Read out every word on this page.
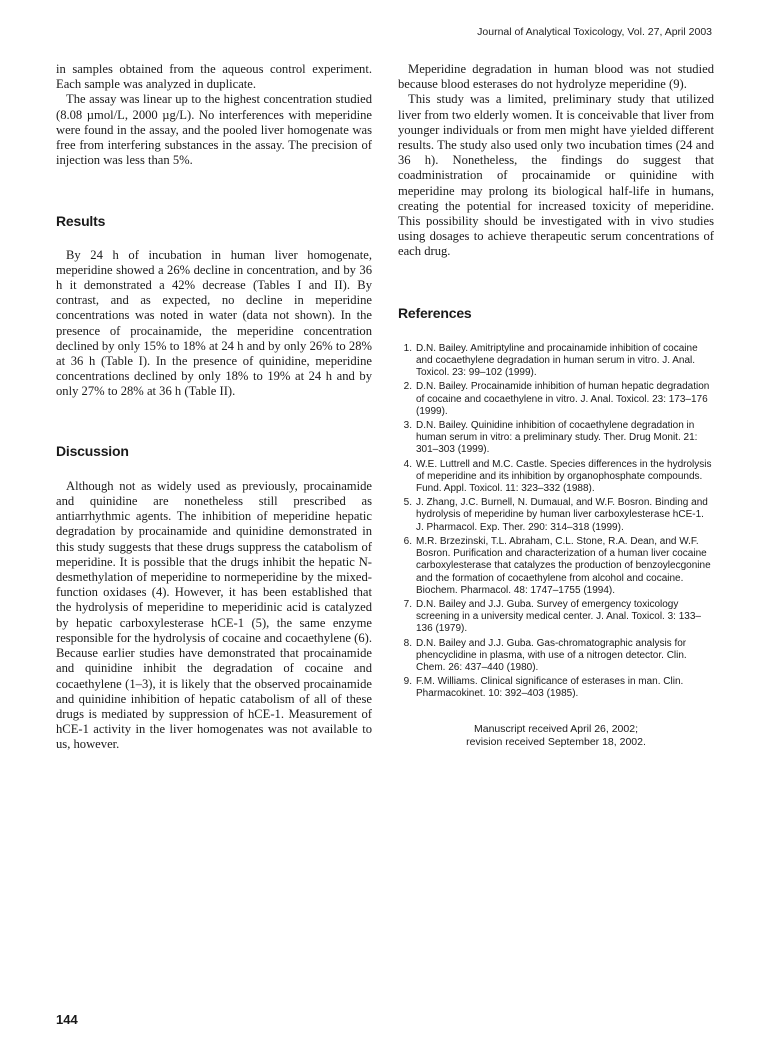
Journal of Analytical Toxicology, Vol. 27, April 2003

in samples obtained from the aqueous control experiment. Each sample was analyzed in duplicate.

The assay was linear up to the highest concentration studied (8.08 µmol/L, 2000 µg/L). No interferences with meperidine were found in the assay, and the pooled liver homogenate was free from interfering substances in the assay. The precision of injection was less than 5%.

Results

By 24 h of incubation in human liver homogenate, meperidine showed a 26% decline in concentration, and by 36 h it demonstrated a 42% decrease (Tables I and II). By contrast, and as expected, no decline in meperidine concentrations was noted in water (data not shown). In the presence of procainamide, the meperidine concentration declined by only 15% to 18% at 24 h and by only 26% to 28% at 36 h (Table I). In the presence of quinidine, meperidine concentrations declined by only 18% to 19% at 24 h and by only 27% to 28% at 36 h (Table II).

Discussion

Although not as widely used as previously, procainamide and quinidine are nonetheless still prescribed as antiarrhythmic agents. The inhibition of meperidine hepatic degradation by procainamide and quinidine demonstrated in this study suggests that these drugs suppress the catabolism of meperidine. It is possible that the drugs inhibit the hepatic N-desmethylation of meperidine to normeperidine by the mixed-function oxidases (4). However, it has been established that the hydrolysis of meperidine to meperidinic acid is catalyzed by hepatic carboxylesterase hCE-1 (5), the same enzyme responsible for the hydrolysis of cocaine and cocaethylene (6). Because earlier studies have demonstrated that procainamide and quinidine inhibit the degradation of cocaine and cocaethylene (1–3), it is likely that the observed procainamide and quinidine inhibition of hepatic catabolism of all of these drugs is mediated by suppression of hCE-1. Measurement of hCE-1 activity in the liver homogenates was not available to us, however.

Meperidine degradation in human blood was not studied because blood esterases do not hydrolyze meperidine (9).

This study was a limited, preliminary study that utilized liver from two elderly women. It is conceivable that liver from younger individuals or from men might have yielded different results. The study also used only two incubation times (24 and 36 h). Nonetheless, the findings do suggest that coadministration of procainamide or quinidine with meperidine may prolong its biological half-life in humans, creating the potential for increased toxicity of meperidine. This possibility should be investigated with in vivo studies using dosages to achieve therapeutic serum concentrations of each drug.

References
1. D.N. Bailey. Amitriptyline and procainamide inhibition of cocaine and cocaethylene degradation in human serum in vitro. J. Anal. Toxicol. 23: 99–102 (1999).
2. D.N. Bailey. Procainamide inhibition of human hepatic degradation of cocaine and cocaethylene in vitro. J. Anal. Toxicol. 23: 173–176 (1999).
3. D.N. Bailey. Quinidine inhibition of cocaethylene degradation in human serum in vitro: a preliminary study. Ther. Drug Monit. 21: 301–303 (1999).
4. W.E. Luttrell and M.C. Castle. Species differences in the hydrolysis of meperidine and its inhibition by organophosphate compounds. Fund. Appl. Toxicol. 11: 323–332 (1988).
5. J. Zhang, J.C. Burnell, N. Dumaual, and W.F. Bosron. Binding and hydrolysis of meperidine by human liver carboxylesterase hCE-1. J. Pharmacol. Exp. Ther. 290: 314–318 (1999).
6. M.R. Brzezinski, T.L. Abraham, C.L. Stone, R.A. Dean, and W.F. Bosron. Purification and characterization of a human liver cocaine carboxylesterase that catalyzes the production of benzoylecgonine and the formation of cocaethylene from alcohol and cocaine. Biochem. Pharmacol. 48: 1747–1755 (1994).
7. D.N. Bailey and J.J. Guba. Survey of emergency toxicology screening in a university medical center. J. Anal. Toxicol. 3: 133–136 (1979).
8. D.N. Bailey and J.J. Guba. Gas-chromatographic analysis for phencyclidine in plasma, with use of a nitrogen detector. Clin. Chem. 26: 437–440 (1980).
9. F.M. Williams. Clinical significance of esterases in man. Clin. Pharmacokinet. 10: 392–403 (1985).
Manuscript received April 26, 2002;
revision received September 18, 2002.
144
